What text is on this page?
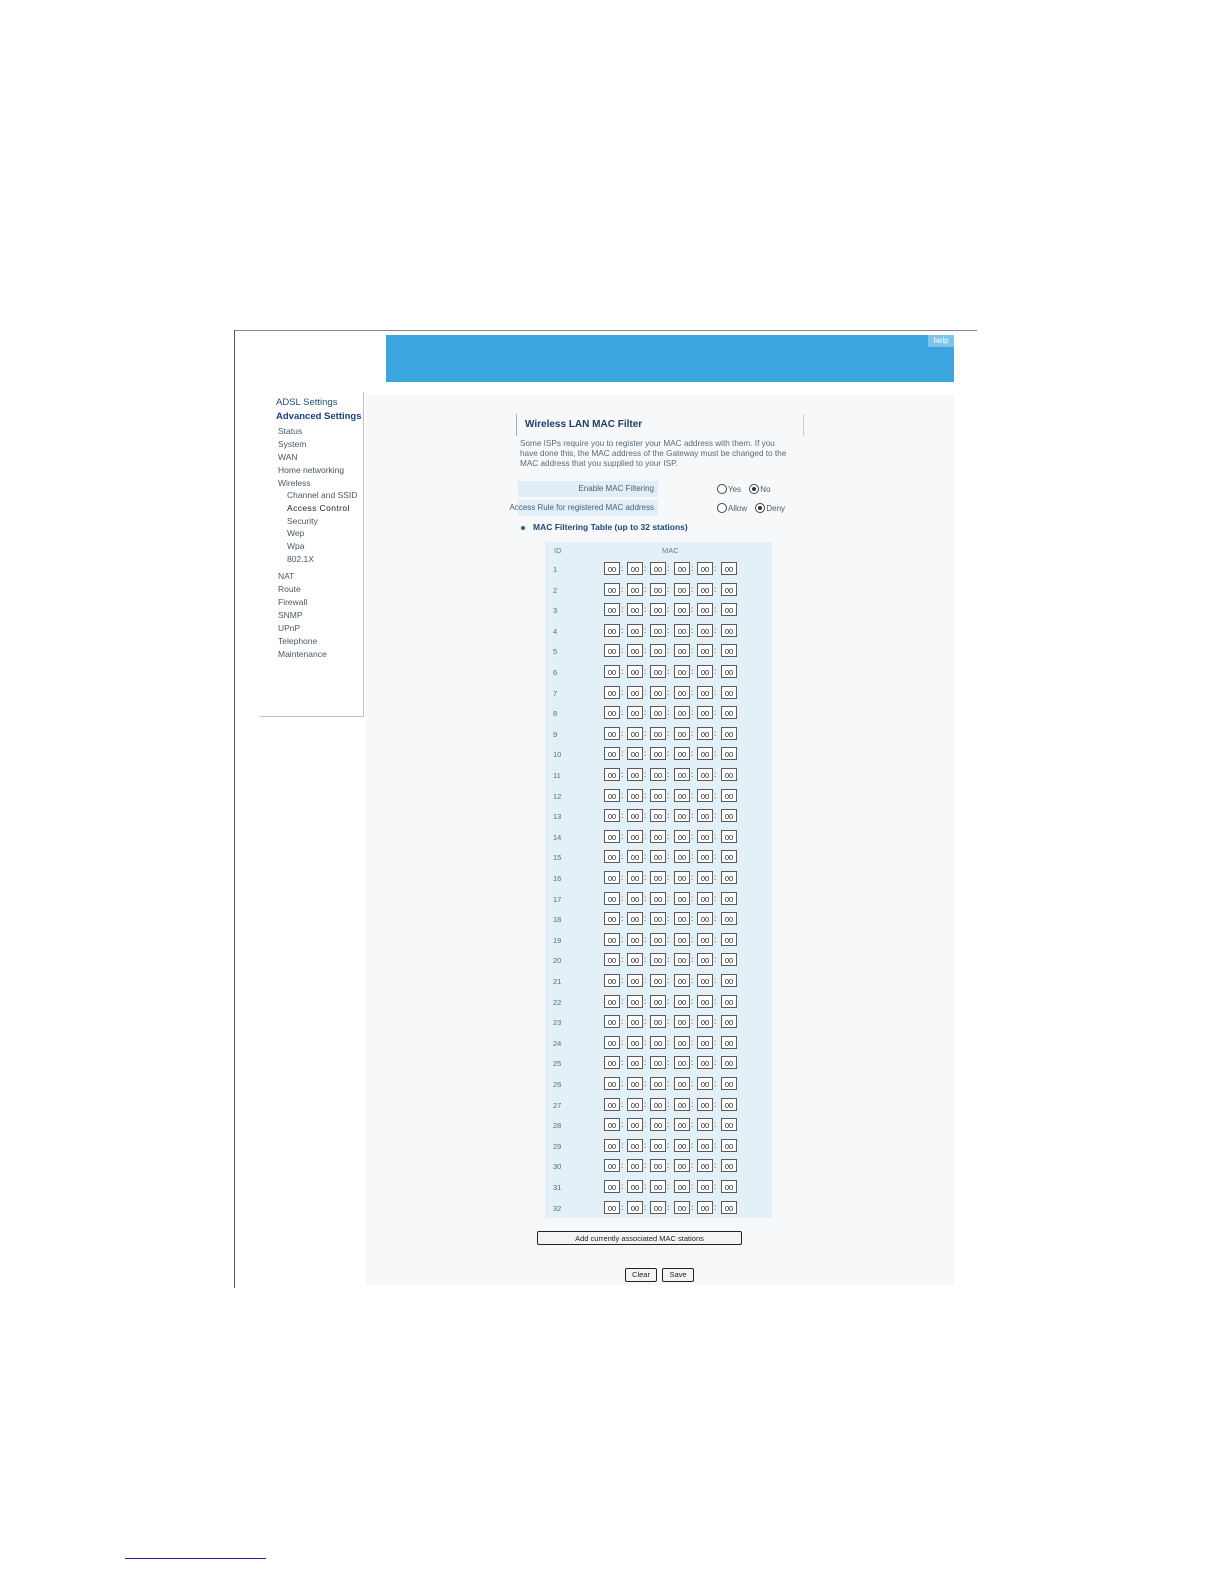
help
ADSL Settings
Advanced Settings
Status
System
WAN
Home networking
Wireless
Channel and SSID
Access Control
Security
Wep
Wpa
802.1X
NAT
Route
Firewall
SNMP
UPnP
Telephone
Maintenance
Wireless LAN MAC Filter
Some ISPs require you to register your MAC address with them. If you have done this, the MAC address of the Gateway must be changed to the MAC address that you supplied to your ISP.
Enable MAC Filtering	Yes No
Access Rule for registered MAC address	Allow Deny
MAC Filtering Table (up to 32 stations)
ID	MAC
1	00 :	00 :	00 :	00 :	00 :	00
2	00 :	00 :	00 :	00 :	00 :	00
3	00 :	00 :	00 :	00 :	00 :	00
4	00 :	00 :	00 :	00 :	00 :	00
5	00 :	00 :	00 :	00 :	00 :	00
6	00 :	00 :	00 :	00 :	00 :	00
7	00 :	00 :	00 :	00 :	00 :	00
8	00 :	00 :	00 :	00 :	00 :	00
9	00 :	00 :	00 :	00 :	00 :	00
10	00 :	00 :	00 :	00 :	00 :	00
11	00 :	00 :	00 :	00 :	00 :	00
12	00 :	00 :	00 :	00 :	00 :	00
13	00 :	00 :	00 :	00 :	00 :	00
14	00 :	00 :	00 :	00 :	00 :	00
15	00 :	00 :	00 :	00 :	00 :	00
16	00 :	00 :	00 :	00 :	00 :	00
17	00 :	00 :	00 :	00 :	00 :	00
18	00 :	00 :	00 :	00 :	00 :	00
19	00 :	00 :	00 :	00 :	00 :	00
20	00 :	00 :	00 :	00 :	00 :	00
21	00 :	00 :	00 :	00 :	00 :	00
22	00 :	00 :	00 :	00 :	00 :	00
23	00 :	00 :	00 :	00 :	00 :	00
24	00 :	00 :	00 :	00 :	00 :	00
25	00 :	00 :	00 :	00 :	00 :	00
26	00 :	00 :	00 :	00 :	00 :	00
27	00 :	00 :	00 :	00 :	00 :	00
28	00 :	00 :	00 :	00 :	00 :	00
29	00 :	00 :	00 :	00 :	00 :	00
30	00 :	00 :	00 :	00 :	00 :	00
31	00 :	00 :	00 :	00 :	00 :	00
32	00 :	00 :	00 :	00 :	00 :	00
Add currently associated MAC stations
Clear	Save
